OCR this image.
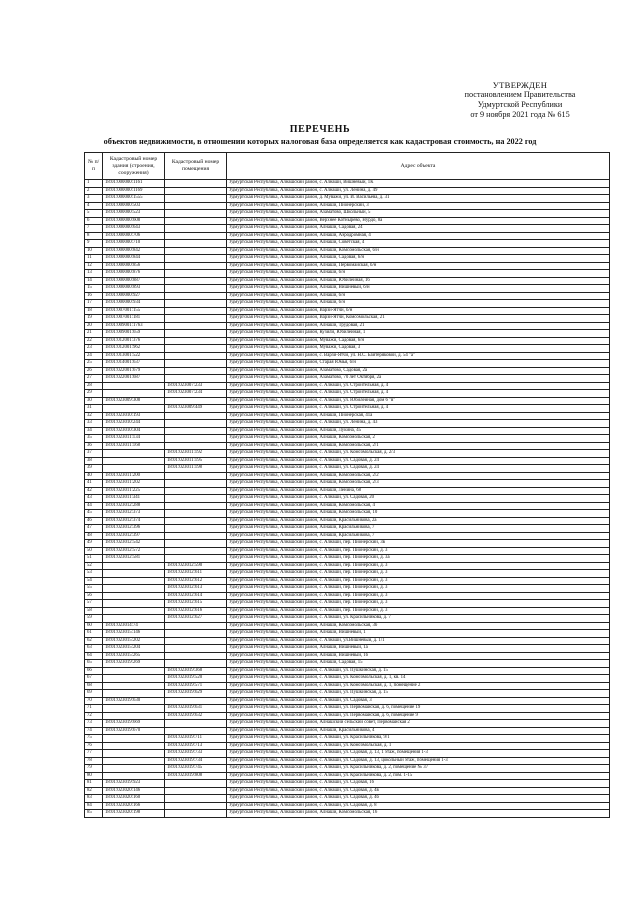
УТВЕРЖДЕН
постановлением Правительства
Удмуртской Республики
от 9 ноября 2021 года № 615
ПЕРЕЧЕНЬ
объектов недвижимости, в отношении которых налоговая база определяется как кадастровая стоимость, на 2022 год
№ п/п	Кадастровый номер здания (строения, сооружения)	Кадастровый номер помещения	Адрес объекта
1	18:01:000000:1161		Удмуртская Республика, Алнашский район, с. Алнаши, Вишневый, 1К
2	18:01:000000:1169		Удмуртская Республика, Алнашский район, с. Алнаши, ул. Ленина, д. 49
3	18:01:000000:1555		Удмуртская Республика, Алнашский район, д. Муважи, ул. И. Васильева, д. 31
4	18:01:000000:503		Удмуртская Республика, Алнашский район, Алнаши, Пионерский, 3
5	18:01:000000:523		Удмуртская Республика, Алнашский район, Азаматово, Школьный, 5
6	18:01:000000:608		Удмуртская Республика, Алнашский район, Верхнее Котнырево, Нурдо, 8а
7	18:01:000000:643		Удмуртская Республика, Алнашский район, Алнаши, Садовая, 24
8	18:01:000000:706		Удмуртская Республика, Алнашский район, Алнаши, Аэродромная, 4
9	18:01:000000:710		Удмуртская Республика, Алнашский район, Алнаши, Советская, 4
10	18:01:000000:842		Удмуртская Республика, Алнашский район, Алнаши, Комсомольская, б/н
11	18:01:000000:844		Удмуртская Республика, Алнашский район, Алнаши, Садовая, б/н
12	18:01:000000:856		Удмуртская Республика, Алнашский район, Алнаши, Первомайская, б/н
13	18:01:000000:876		Удмуртская Республика, Алнашский район, Алнаши, б/н
14	18:01:000000:887		Удмуртская Республика, Алнашский район, Алнаши, Юбилейная, 16
15	18:01:000000:893		Удмуртская Республика, Алнашский район, Алнаши, Вишневый, б/н
16	18:01:000000:927		Удмуртская Республика, Алнашский район, Алнаши, б/н
17	18:01:000000:934		Удмуртская Республика, Алнашский район, Алнаши, б/н
18	18:01:007001:155		Удмуртская Республика, Алнашский район, Варзи-Ятчи, б/н
19	18:01:007001:181		Удмуртская Республика, Алнашский район, Варзи-Ятчи, Комсомольская, 21
20	18:01:009001:1763		Удмуртская Республика, Алнашский район, Алнаши, Трудовая, 21
21	18:01:009001:659		Удмуртская Республика, Алнашский район, Кузили, Юбилейная, 1
22	18:01:012001:376		Удмуртская Республика, Алнашский район, Муважи, Садовая, б/н
23	18:01:012001:962		Удмуртская Республика, Алнашский район, Муважи, Садовая, 3
24	18:01:013001:522		Удмуртская Республика, Алнашский район, с. Варзи-Ятчи, ул. Н.С. Байтеряковой, д. 54 "а"
25	18:01:014001:637		Удмуртская Республика, Алнашский район, Старая Юмья, б/н
26	18:01:022001:679		Удмуртская Республика, Алнашский район, Азаматово, Садовая, 2а
27	18:01:022001:687		Удмуртская Республика, Алнашский район, Азаматово, 70 лет Октября, 2а
28		18:01:023007:233	Удмуртская Республика, Алнашский район, с. Алнаши, ул. Строительная, д. 4
29		18:01:023007:234	Удмуртская Республика, Алнашский район, с. Алнаши, ул. Строительная, д. 4
30	18:01:023009:308		Удмуртская Республика, Алнашский район, с. Алнаши, ул. Юбилейная, дом 6 "в"
31		18:01:023009:449	Удмуртская Республика, Алнашский район, с. Алнаши, ул. Строительная, д. 4
32	18:01:023010:193		Удмуртская Республика, Алнашский район, Алнаши, Пионерская, 41а
33	18:01:023010:244		Удмуртская Республика, Алнашский район, с. Алнаши, ул. Ленина, д. 43
34	18:01:023010:304		Удмуртская Республика, Алнашский район, Алнаши, Лукина, 45
35	18:01:023011:134		Удмуртская Республика, Алнашский район, Алнаши, Комсомольская, 2
36	18:01:023011:168		Удмуртская Республика, Алнашский район, Алнаши, Комсомольская, 2/1
37		18:01:023011:192	Удмуртская Республика, Алнашский район, с. Алнаши, ул. Комсомольская, д. 2/3
38		18:01:023011:195	Удмуртская Республика, Алнашский район, с. Алнаши, ул. Садовая, д. 24
39		18:01:023011:198	Удмуртская Республика, Алнашский район, с. Алнаши, ул. Садовая, д. 24
40	18:01:023011:200		Удмуртская Республика, Алнашский район, Алнаши, Комсомольская, 2/2
41	18:01:023011:202		Удмуртская Республика, Алнашский район, Алнаши, Комсомольская, 2/3
42	18:01:023011:225		Удмуртская Республика, Алнашский район, Алнаши, Ленина, 68
43	18:01:023011:341		Удмуртская Республика, Алнашский район, с. Алнаши, ул. Садовая, 20
44	18:01:023012:288		Удмуртская Республика, Алнашский район, Алнаши, Комсомольская, 4
45	18:01:023012:373		Удмуртская Республика, Алнашский район, Алнаши, Комсомольская, 10
46	18:01:023012:374		Удмуртская Республика, Алнашский район, Алнаши, Красильникова, 2а
47	18:01:023012:396		Удмуртская Республика, Алнашский район, Алнаши, Красильникова, 7
48	18:01:023012:397		Удмуртская Республика, Алнашский район, Алнаши, Красильникова, 7
49	18:01:023012:542		Удмуртская Республика, Алнашский район, с. Алнаши, пер. Пионерский, 3в
50	18:01:023012:572		Удмуртская Республика, Алнашский район, с. Алнаши, пер. Пионерский, д. 3
51	18:01:023012:581		Удмуртская Республика, Алнашский район, с. Алнаши, пер. Пионерский, д. 3а
52		18:01:023012:590	Удмуртская Республика, Алнашский район, с. Алнаши, пер. Пионерский, д. 3
53		18:01:023012:611	Удмуртская Республика, Алнашский район, с. Алнаши, пер. Пионерский, д. 3
54		18:01:023012:612	Удмуртская Республика, Алнашский район, с. Алнаши, пер. Пионерский, д. 3
55		18:01:023012:613	Удмуртская Республика, Алнашский район, с. Алнаши, пер. Пионерский, д. 3
56		18:01:023012:614	Удмуртская Республика, Алнашский район, с. Алнаши, пер. Пионерский, д. 3
57		18:01:023012:615	Удмуртская Республика, Алнашский район, с. Алнаши, пер. Пионерский, д. 3
58		18:01:023012:616	Удмуртская Республика, Алнашский район, с. Алнаши, пер. Пионерский, д. 3
59		18:01:023012:627	Удмуртская Республика, Алнашский район, с. Алнаши, ул. Красильникова, д. 7
60	18:01:023014:74		Удмуртская Республика, Алнашский район, Алнаши, Комсомольская, 3б
61	18:01:023015:146		Удмуртская Республика, Алнашский район, Алнаши, Вишневый, 1
62	18:01:023015:202		Удмуртская Республика, Алнашский район, с. Алнаши, ул.Вишневый, д. 1/1
63	18:01:023015:204		Удмуртская Республика, Алнашский район, Алнаши, Вишневый, 1а
64	18:01:023015:265		Удмуртская Республика, Алнашский район, Алнаши, Вишневый, 1б
65	18:01:023019:269		Удмуртская Республика, Алнашский район, Алнаши, Садовая, 15
66		18:01:023019:368	Удмуртская Республика, Алнашский район, с. Алнаши, ул. Пушкинская, д. 15
67		18:01:023019:520	Удмуртская Республика, Алнашский район, с. Алнаши, ул. Комсомольская, д. 1, кв. 14
68		18:01:023019:571	Удмуртская Республика, Алнашский район, с. Алнаши, ул. Комсомольская, д. 1, помещение 2
69		18:01:023019:629	Удмуртская Республика, Алнашский район, с. Алнаши, ул. Пушкинская, д. 15
70	18:01:023019:630		Удмуртская Республика, Алнашский район, с. Алнаши, ул. Садовая, 3
71		18:01:023019:631	Удмуртская Республика, Алнашский район, с. Алнаши, ул. Первомайская, д. 6, помещение 19
72		18:01:023019:632	Удмуртская Республика, Алнашский район, с. Алнаши, ул. Первомайская, д. 6, помещение 9
73	18:01:023019:669		Удмуртская Республика, Алнашский район, Алнашский сельский совет, Первомайская 2
74	18:01:023019:670		Удмуртская Республика, Алнашский район, Алнаши, Красильникова, 4
75		18:01:023019:711	Удмуртская Республика, Алнашский район, с. Алнаши, ул. Красильникова, 9/1
76		18:01:023019:713	Удмуртская Республика, Алнашский район, с. Алнаши, ул. Комсомольская, д. 1
77		18:01:023019:733	Удмуртская Республика, Алнашский район, с. Алнаши, ул. Садовая, д. 13, 1 этаж, помещения 1-3
78		18:01:023019:734	Удмуртская Республика, Алнашский район, с. Алнаши, ул. Садовая, д. 13, цокольный этаж, помещения 1-3
79		18:01:023019:745	Удмуртская Республика, Алнашский район, с. Алнаши, ул. Красильникова, д. 2, помещение № 37
80		18:01:023019:808	Удмуртская Республика, Алнашский район, с. Алнаши, ул. Красильникова, д. 2, пом. 1-15
81	18:01:023019:923		Удмуртская Республика, Алнашский район, с. Алнаши, ул. Садовая, 16
82	18:01:023020:146		Удмуртская Республика, Алнашский район, с. Алнаши, ул. Садовая, д. 4в
83	18:01:023020:160		Удмуртская Республика, Алнашский район, с. Алнаши, ул. Садовая, д. 4б
84	18:01:023020:166		Удмуртская Республика, Алнашский район, с. Алнаши, ул. Садовая, д. 8
85	18:01:023020:198		Удмуртская Республика, Алнашский район, Алнаши, Комсомольская, 16
